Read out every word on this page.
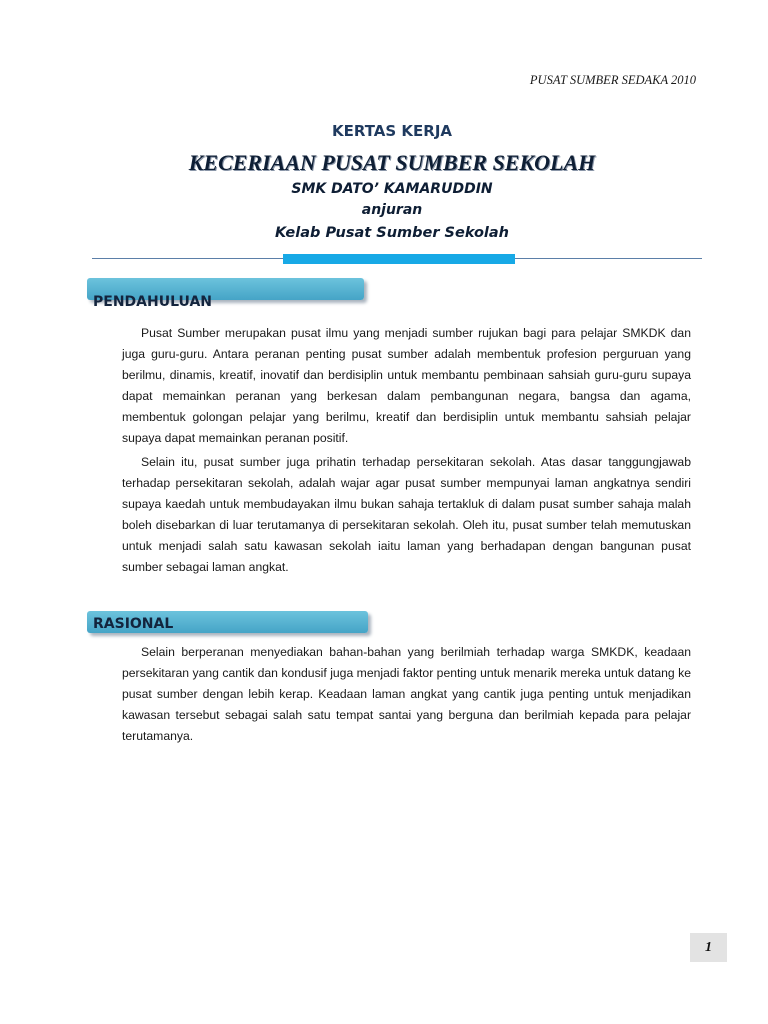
PUSAT SUMBER SEDAKA 2010
KERTAS KERJA
KECERIAAN PUSAT SUMBER SEKOLAH
SMK DATO’ KAMARUDDIN
anjuran
Kelab Pusat Sumber Sekolah
PENDAHULUAN

Pusat Sumber merupakan pusat ilmu yang menjadi sumber rujukan bagi para pelajar SMKDK dan juga guru-guru. Antara peranan penting pusat sumber adalah membentuk profesion perguruan yang berilmu, dinamis, kreatif, inovatif dan berdisiplin untuk membantu pembinaan sahsiah guru-guru supaya dapat memainkan peranan yang berkesan dalam pembangunan negara, bangsa dan agama, membentuk golongan pelajar yang berilmu, kreatif dan berdisiplin untuk membantu sahsiah pelajar supaya dapat memainkan peranan positif.

Selain itu, pusat sumber juga prihatin terhadap persekitaran sekolah. Atas dasar tanggungjawab terhadap persekitaran sekolah, adalah wajar agar pusat sumber mempunyai laman angkatnya sendiri supaya kaedah untuk membudayakan ilmu bukan sahaja tertakluk di dalam pusat sumber sahaja malah boleh disebarkan di luar terutamanya di persekitaran sekolah. Oleh itu, pusat sumber telah memutuskan untuk menjadi salah satu kawasan sekolah iaitu laman yang berhadapan dengan bangunan pusat sumber sebagai laman angkat.

RASIONAL

Selain berperanan menyediakan bahan-bahan yang berilmiah terhadap warga SMKDK, keadaan persekitaran yang cantik dan kondusif juga menjadi faktor penting untuk menarik mereka untuk datang ke pusat sumber dengan lebih kerap. Keadaan laman angkat yang cantik juga penting untuk menjadikan kawasan tersebut sebagai salah satu tempat santai yang berguna dan berilmiah kepada para pelajar terutamanya.

1
